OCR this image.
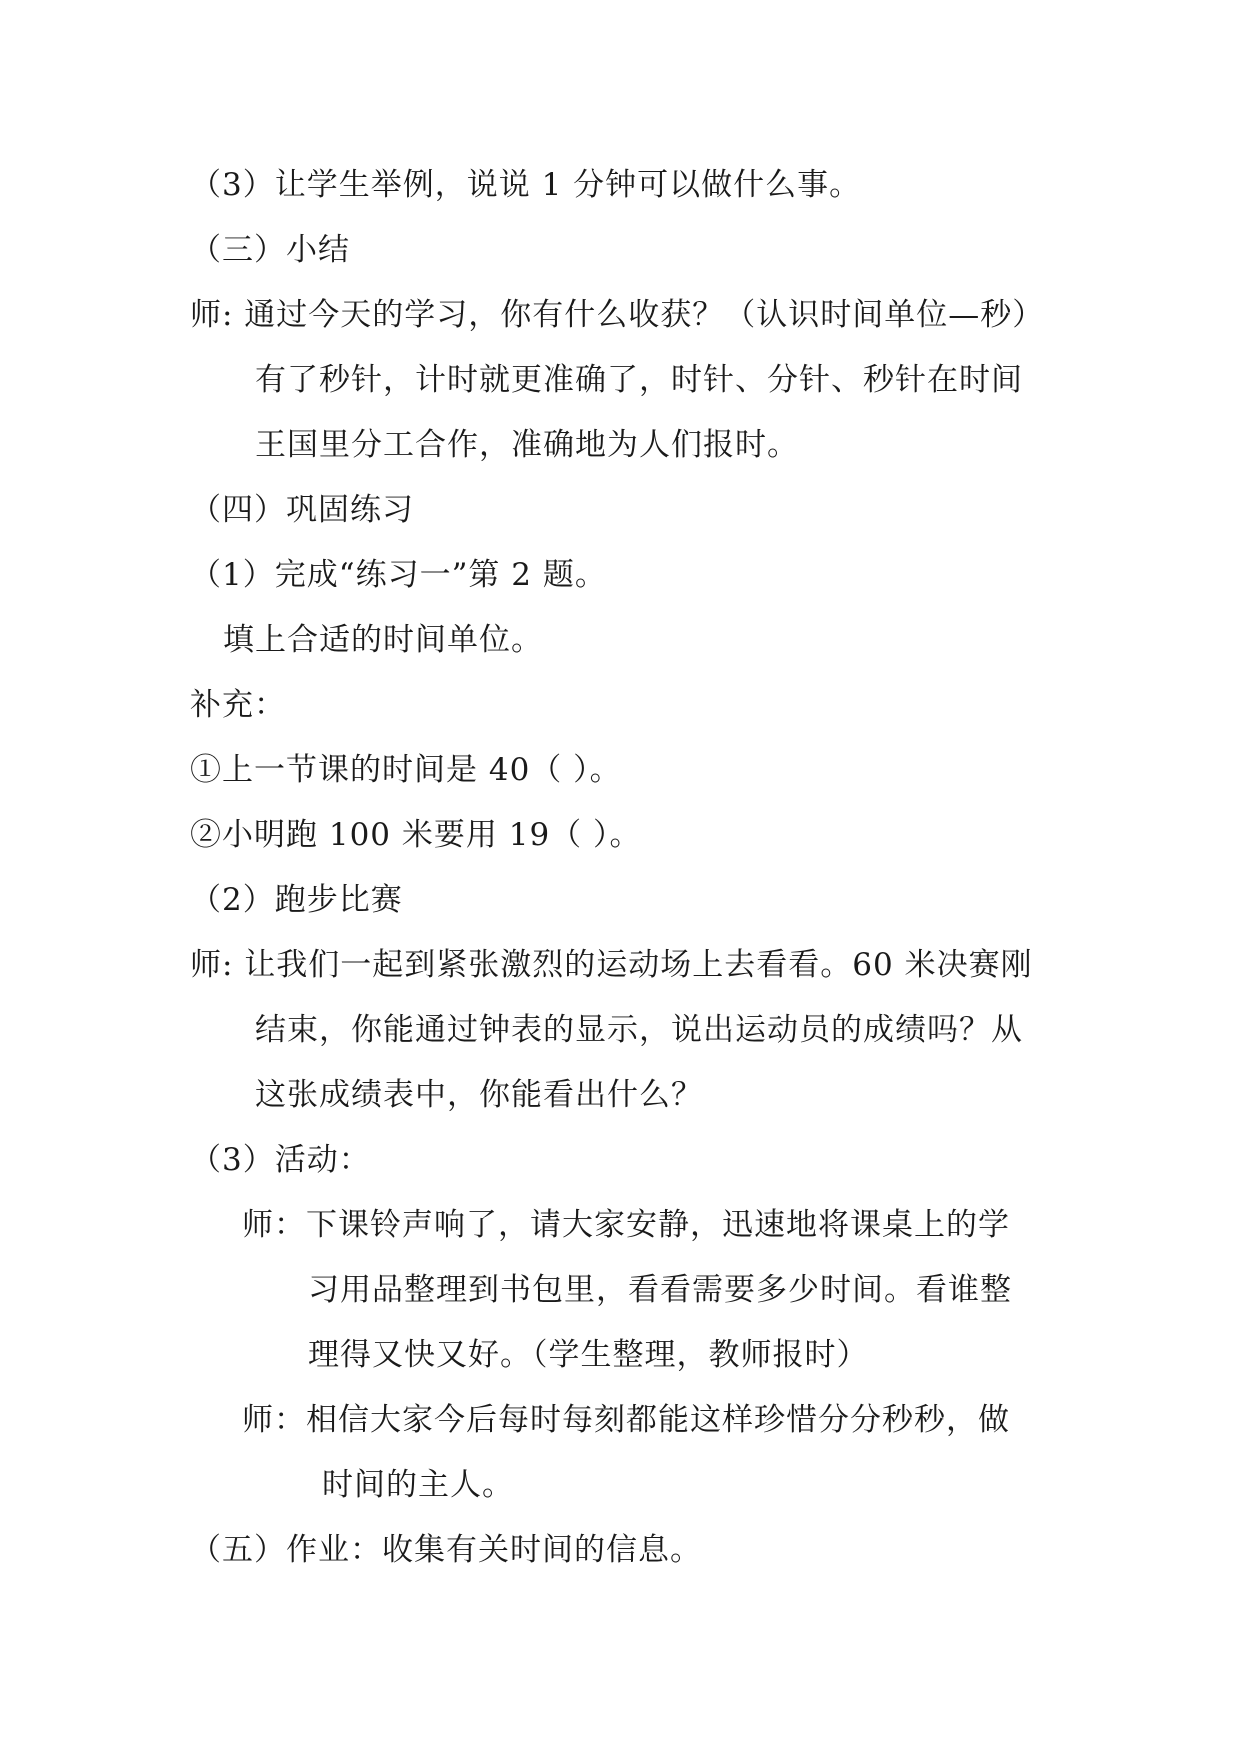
（3）让学生举例，说说 1 分钟可以做什么事。
（三）小结
师: 通过今天的学习，你有什么收获？（认识时间单位—秒）
有了秒针，计时就更准确了，时针、分针、秒针在时间
王国里分工合作，准确地为人们报时。
（四）巩固练习
（1）完成“练习一”第 2 题。
填上合适的时间单位。
补充：
①上一节课的时间是 40（ ）。
②小明跑 100 米要用 19（ ）。
（2）跑步比赛
师: 让我们一起到紧张激烈的运动场上去看看。60 米决赛刚
结束，你能通过钟表的显示，说出运动员的成绩吗？从
这张成绩表中，你能看出什么？
（3）活动：
师：下课铃声响了，请大家安静，迅速地将课桌上的学
习用品整理到书包里，看看需要多少时间。看谁整
理得又快又好。（学生整理，教师报时）
师：相信大家今后每时每刻都能这样珍惜分分秒秒，做
时间的主人。
（五）作业：收集有关时间的信息。
